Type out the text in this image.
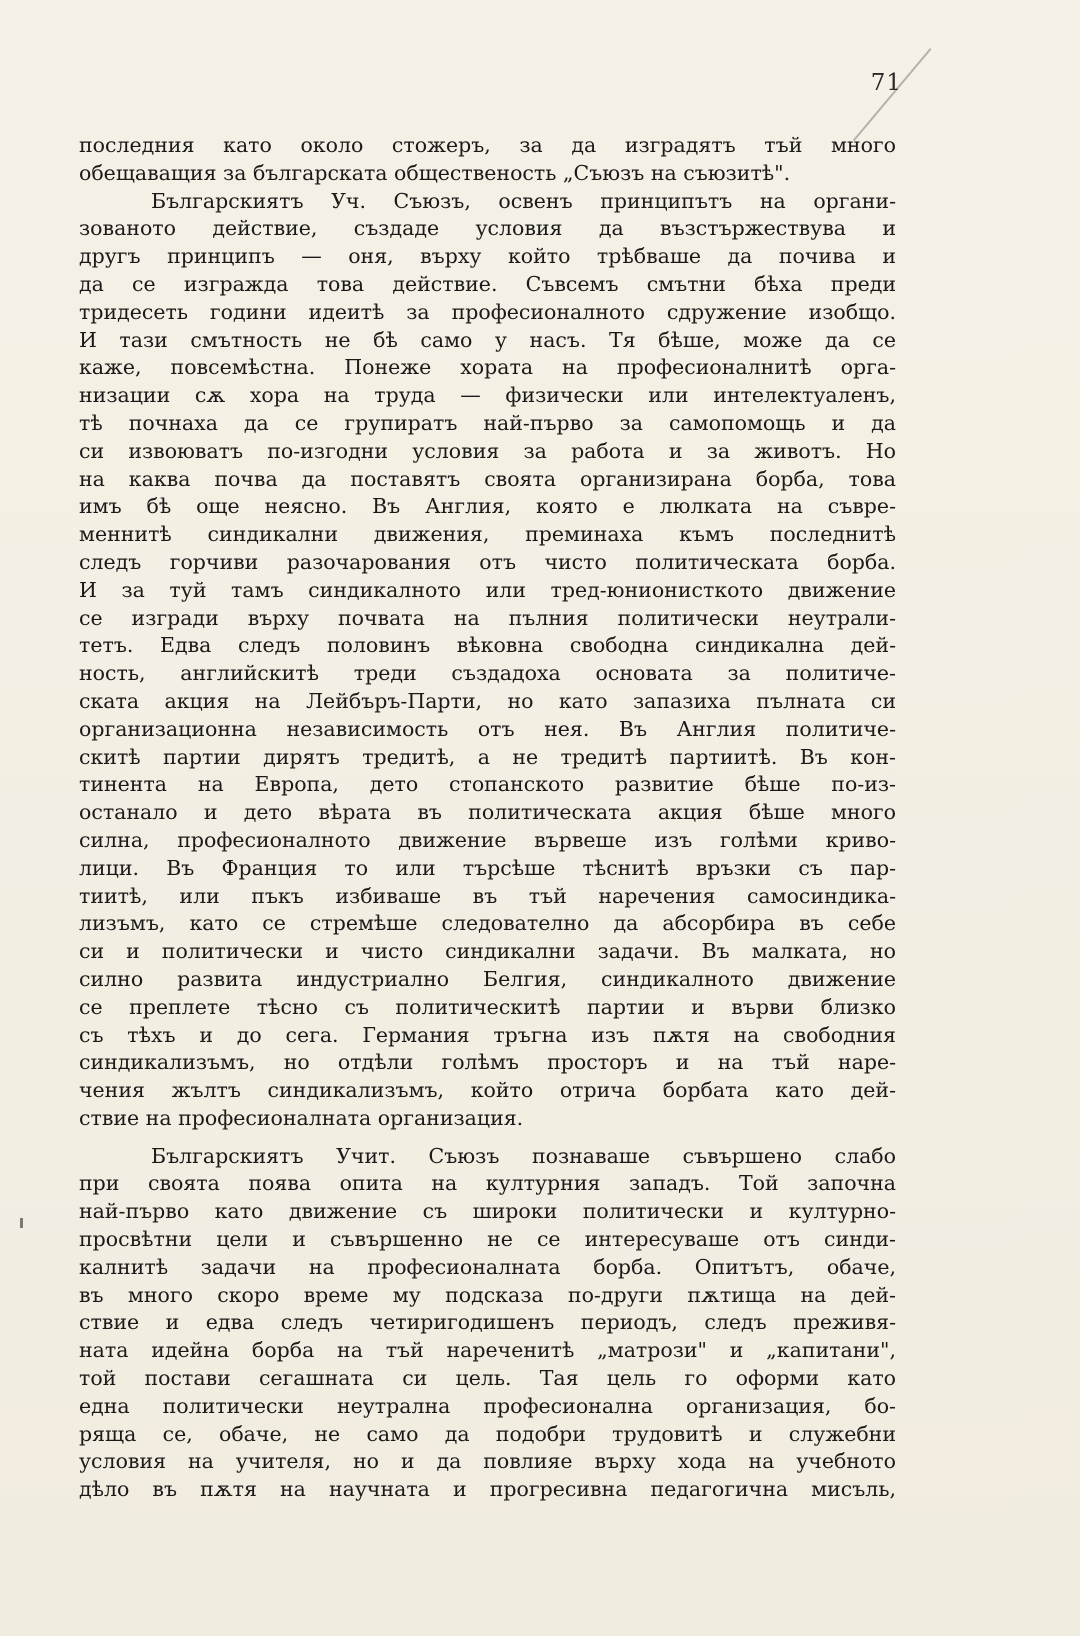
71
последния като около стожеръ, за да изградятъ тъй много
обещаващия за българската общественость „Съюзъ на съюзитѣ".
Българскиятъ Уч. Съюзъ, освенъ принципътъ на органи-
зованото действие, създаде условия да възстържествува и
другъ принципъ — оня, върху който трѣбваше да почива и
да се изгражда това действие. Съвсемъ смътни бѣха преди
тридесеть години идеитѣ за професионалното сдружение изобщо.
И тази смътность не бѣ само у насъ. Тя бѣше, може да се
каже, повсемѣстна. Понеже хората на професионалнитѣ орга-
низации сѫ хора на труда — физически или интелектуаленъ,
тѣ почнаха да се групиратъ най-първо за самопомощь и да
си извоюватъ по-изгодни условия за работа и за животъ. Но
на каква почва да поставятъ своята организирана борба, това
имъ бѣ още неясно. Въ Англия, която е люлката на съвре-
меннитѣ синдикални движения, преминаха къмъ последнитѣ
следъ горчиви разочарования отъ чисто политическата борба.
И за туй тамъ синдикалното или тред-юнионисткото движение
се изгради върху почвата на пълния политически неутрали-
тетъ. Едва следъ половинъ вѣковна свободна синдикална дей-
ность, английскитѣ треди създадоха основата за политиче-
ската акция на Лейбъръ-Парти, но като запазиха пълната си
организационна независимость отъ нея. Въ Англия политиче-
скитѣ партии дирятъ тредитѣ, а не тредитѣ партиитѣ. Въ кон-
тинента на Европа, дето стопанското развитие бѣше по-из-
останало и дето вѣрата въ политическата акция бѣше много
силна, професионалното движение вървеше изъ голѣми криво-
лици. Въ Франция то или търсѣше тѣснитѣ връзки съ пар-
тиитѣ, или пъкъ избиваше въ тъй наречения самосиндика-
лизъмъ, като се стремѣше следователно да абсорбира въ себе
си и политически и чисто синдикални задачи. Въ малката, но
силно развита индустриално Белгия, синдикалното движение
се преплете тѣсно съ политическитѣ партии и върви близко
съ тѣхъ и до сега. Германия тръгна изъ пѫтя на свободния
синдикализъмъ, но отдѣли голѣмъ просторъ и на тъй наре-
чения жълтъ синдикализъмъ, който отрича борбата като дей-
ствие на професионалната организация.
Българскиятъ Учит. Съюзъ познаваше съвършено слабо
при своята поява опита на културния западъ. Той започна
най-първо като движение съ широки политически и културно-
просвѣтни цели и съвършенно не се интересуваше отъ синди-
калнитѣ задачи на професионалната борба. Опитътъ, обаче,
въ много скоро време му подсказа по-други пѫтища на дей-
ствие и едва следъ четиригодишенъ периодъ, следъ преживя-
ната идейна борба на тъй нареченитѣ „матрози" и „капитани",
той постави сегашната си цель. Тая цель го оформи като
една политически неутрална професионална организация, бо-
ряща се, обаче, не само да подобри трудовитѣ и служебни
условия на учителя, но и да повлияе върху хода на учебното
дѣло въ пѫтя на научната и прогресивна педагогична мисъль,
